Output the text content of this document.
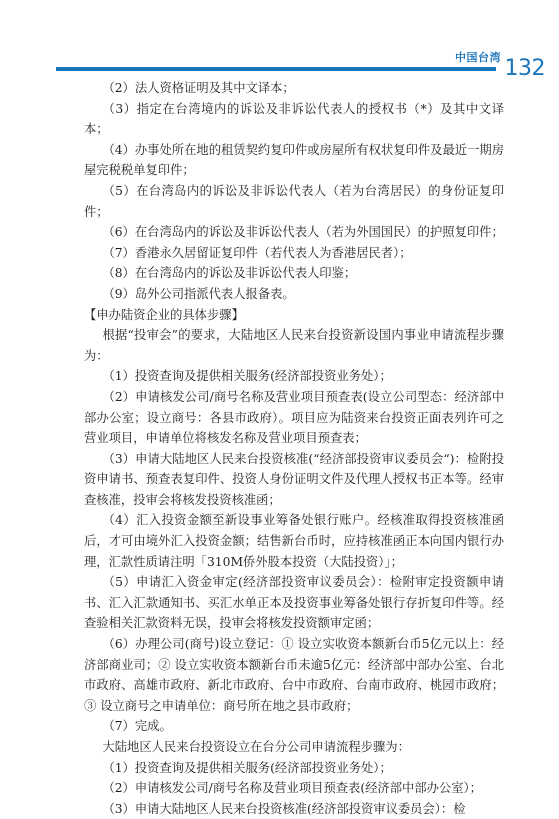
中国台湾 132

（2）法人资格证明及其中文译本；

（3）指定在台湾境内的诉讼及非诉讼代表人的授权书（*）及其中文译本；

（4）办事处所在地的租赁契约复印件或房屋所有权状复印件及最近一期房屋完税税单复印件；

（5）在台湾岛内的诉讼及非诉讼代表人（若为台湾居民）的身份证复印件；

（6）在台湾岛内的诉讼及非诉讼代表人（若为外国国民）的护照复印件；

（7）香港永久居留证复印件（若代表人为香港居民者）；

（8）在台湾岛内的诉讼及非诉讼代表人印鉴；

（9）岛外公司指派代表人报备表。

【申办陆资企业的具体步骤】

根据“投审会”的要求，大陆地区人民来台投资新设国内事业申请流程步骤为：

（1）投资查询及提供相关服务(经济部投资业务处）；

（2）申请核发公司/商号名称及营业项目预查表(设立公司型态：经济部中部办公室；设立商号：各县市政府）。项目应为陆资来台投资正面表列许可之营业项目，申请单位将核发名称及营业项目预查表；

（3）申请大陆地区人民来台投资核准(“经济部投资审议委员会“)：检附投资申请书、预查表复印件、投资人身份证明文件及代理人授权书正本等。经审查核准，投审会将核发投资核准函；

（4）汇入投资金额至新设事业筹备处银行账户。经核准取得投资核准函后，才可由境外汇入投资金额；结售新台币时，应持核准函正本向国内银行办理，汇款性质请注明「310M侨外股本投资（大陆投资）」；

（5）申请汇入资金审定(经济部投资审议委员会）：检附审定投资额申请书、汇入汇款通知书、买汇水单正本及投资事业筹备处银行存折复印件等。经查验相关汇款资料无误，投审会将核发投资额审定函；

（6）办理公司(商号)设立登记：① 设立实收资本额新台币5亿元以上：经济部商业司；② 设立实收资本额新台币未逾5亿元：经济部中部办公室、台北市政府、高雄市政府、新北市政府、台中市政府、台南市政府、桃园市政府；③ 设立商号之申请单位：商号所在地之县市政府；

（7）完成。

大陆地区人民来台投资设立在台分公司申请流程步骤为：

（1）投资查询及提供相关服务(经济部投资业务处）；

（2）申请核发公司/商号名称及营业项目预查表(经济部中部办公室）；

（3）申请大陆地区人民来台投资核准(经济部投资审议委员会）：检
